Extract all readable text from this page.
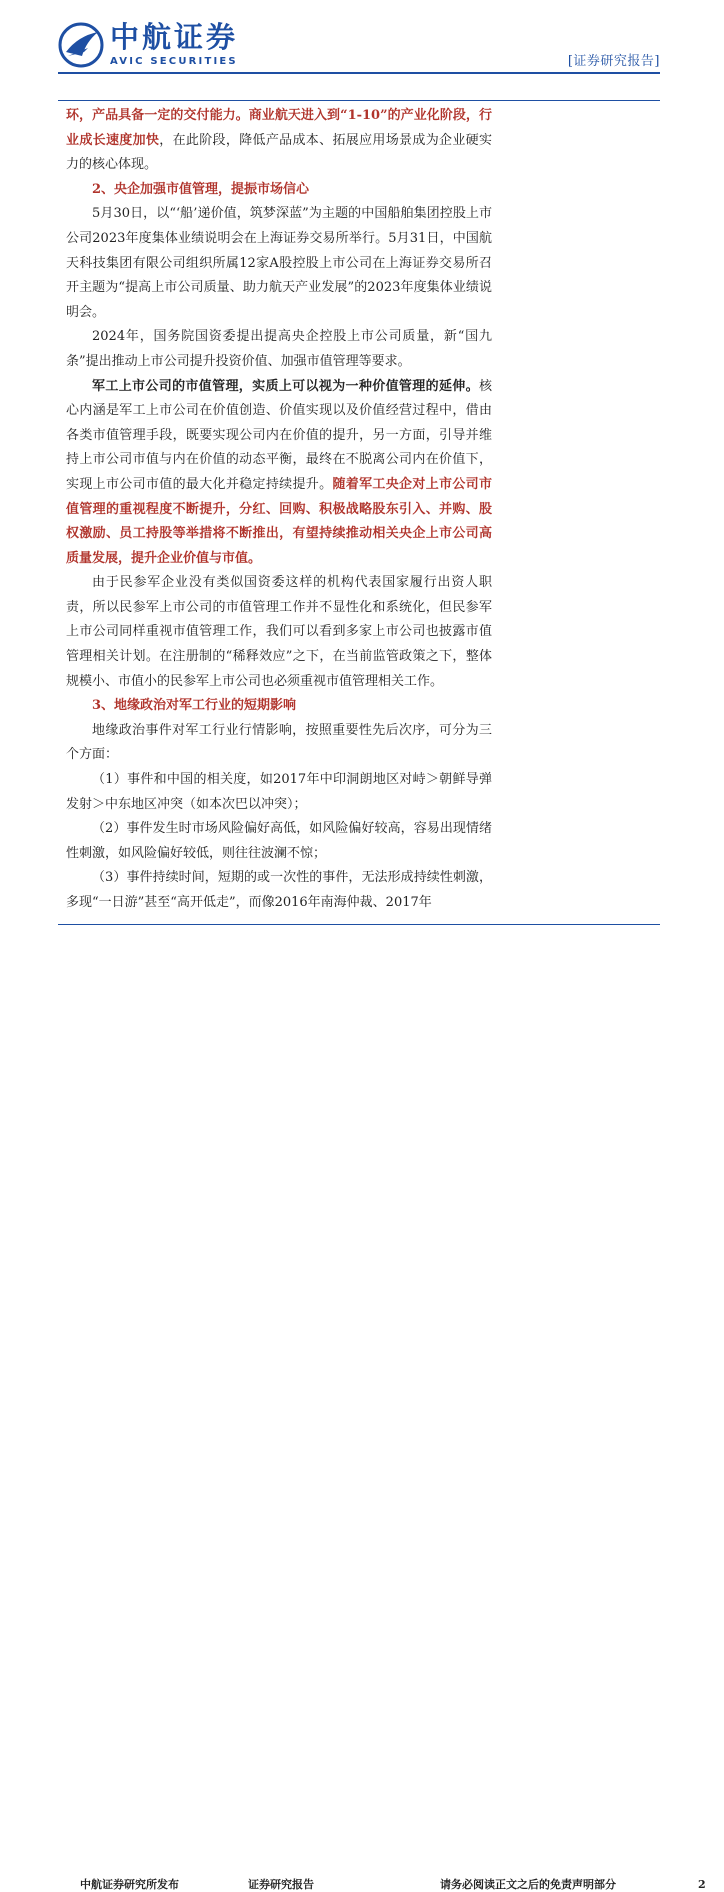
中航证券
AVIC SECURITIES	[证券研究报告]

环，产品具备一定的交付能力。商业航天进入到“1-10”的产业化阶段，行业成长速度加快，在此阶段，降低产品成本、拓展应用场景成为企业硬实力的核心体现。

2、央企加强市值管理，提振市场信心

5月30日，以“‘船’递价值，筑梦深蓝”为主题的中国船舶集团控股上市公司2023年度集体业绩说明会在上海证券交易所举行。5月31日，中国航天科技集团有限公司组织所属12家A股控股上市公司在上海证券交易所召开主题为“提高上市公司质量、助力航天产业发展”的2023年度集体业绩说明会。

2024年，国务院国资委提出提高央企控股上市公司质量，新“国九条”提出推动上市公司提升投资价值、加强市值管理等要求。

军工上市公司的市值管理，实质上可以视为一种价值管理的延伸。核心内涵是军工上市公司在价值创造、价值实现以及价值经营过程中，借由各类市值管理手段，既要实现公司内在价值的提升，另一方面，引导并维持上市公司市值与内在价值的动态平衡，最终在不脱离公司内在价值下，实现上市公司市值的最大化并稳定持续提升。随着军工央企对上市公司市值管理的重视程度不断提升，分红、回购、积极战略股东引入、并购、股权激励、员工持股等举措将不断推出，有望持续推动相关央企上市公司高质量发展，提升企业价值与市值。

由于民参军企业没有类似国资委这样的机构代表国家履行出资人职责，所以民参军上市公司的市值管理工作并不显性化和系统化，但民参军上市公司同样重视市值管理工作，我们可以看到多家上市公司也披露市值管理相关计划。在注册制的“稀释效应”之下，在当前监管政策之下，整体规模小、市值小的民参军上市公司也必须重视市值管理相关工作。

3、地缘政治对军工行业的短期影响

地缘政治事件对军工行业行情影响，按照重要性先后次序，可分为三个方面：

（1）事件和中国的相关度，如2017年中印洞朗地区对峙＞朝鲜导弹发射＞中东地区冲突（如本次巴以冲突）；

（2）事件发生时市场风险偏好高低，如风险偏好较高，容易出现情绪性刺激，如风险偏好较低，则往往波澜不惊；

（3）事件持续时间，短期的或一次性的事件，无法形成持续性刺激，多现“一日游”甚至“高开低走”，而像2016年南海仲裁、2017年

中航证券研究所发布	证券研究报告	请务必阅读正文之后的免责声明部分	2
